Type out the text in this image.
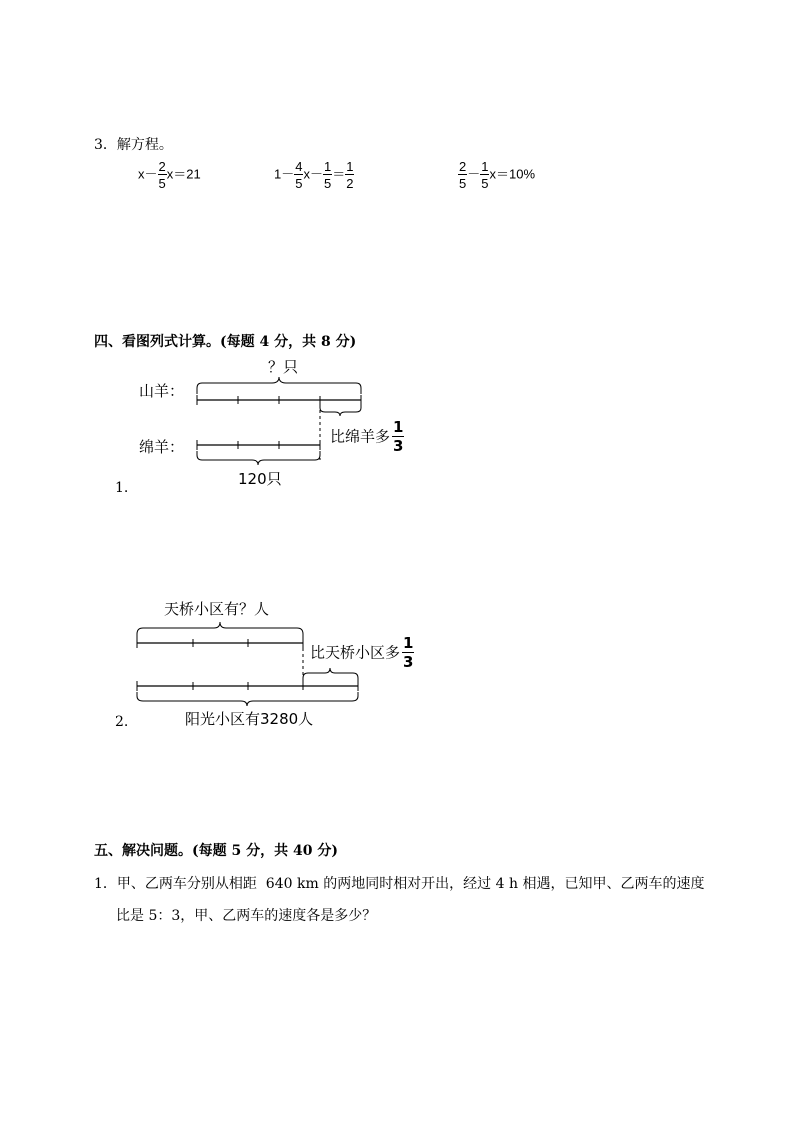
3．解方程。
$x- \frac{2}{5} x=21$	$1- \frac{4}{5} x- \frac{1}{5} = \frac{1}{2}$	$\frac{2}{5} - \frac{1}{5} x=10\%$
四、看图列式计算。(每题 4 分，共 8 分)
？只
山羊：
绵羊：
120只
比绵羊多 $\frac{1}{3}$
1.
天桥小区有？人
比天桥小区多 $\frac{1}{3}$
阳光小区有3280人
2.
五、解决问题。(每题 5 分，共 40 分)
1．甲、乙两车分别从相距  640 km 的两地同时相对开出，经过 4 h 相遇，已知甲、乙两车的速度
比是 5：3，甲、乙两车的速度各是多少？
